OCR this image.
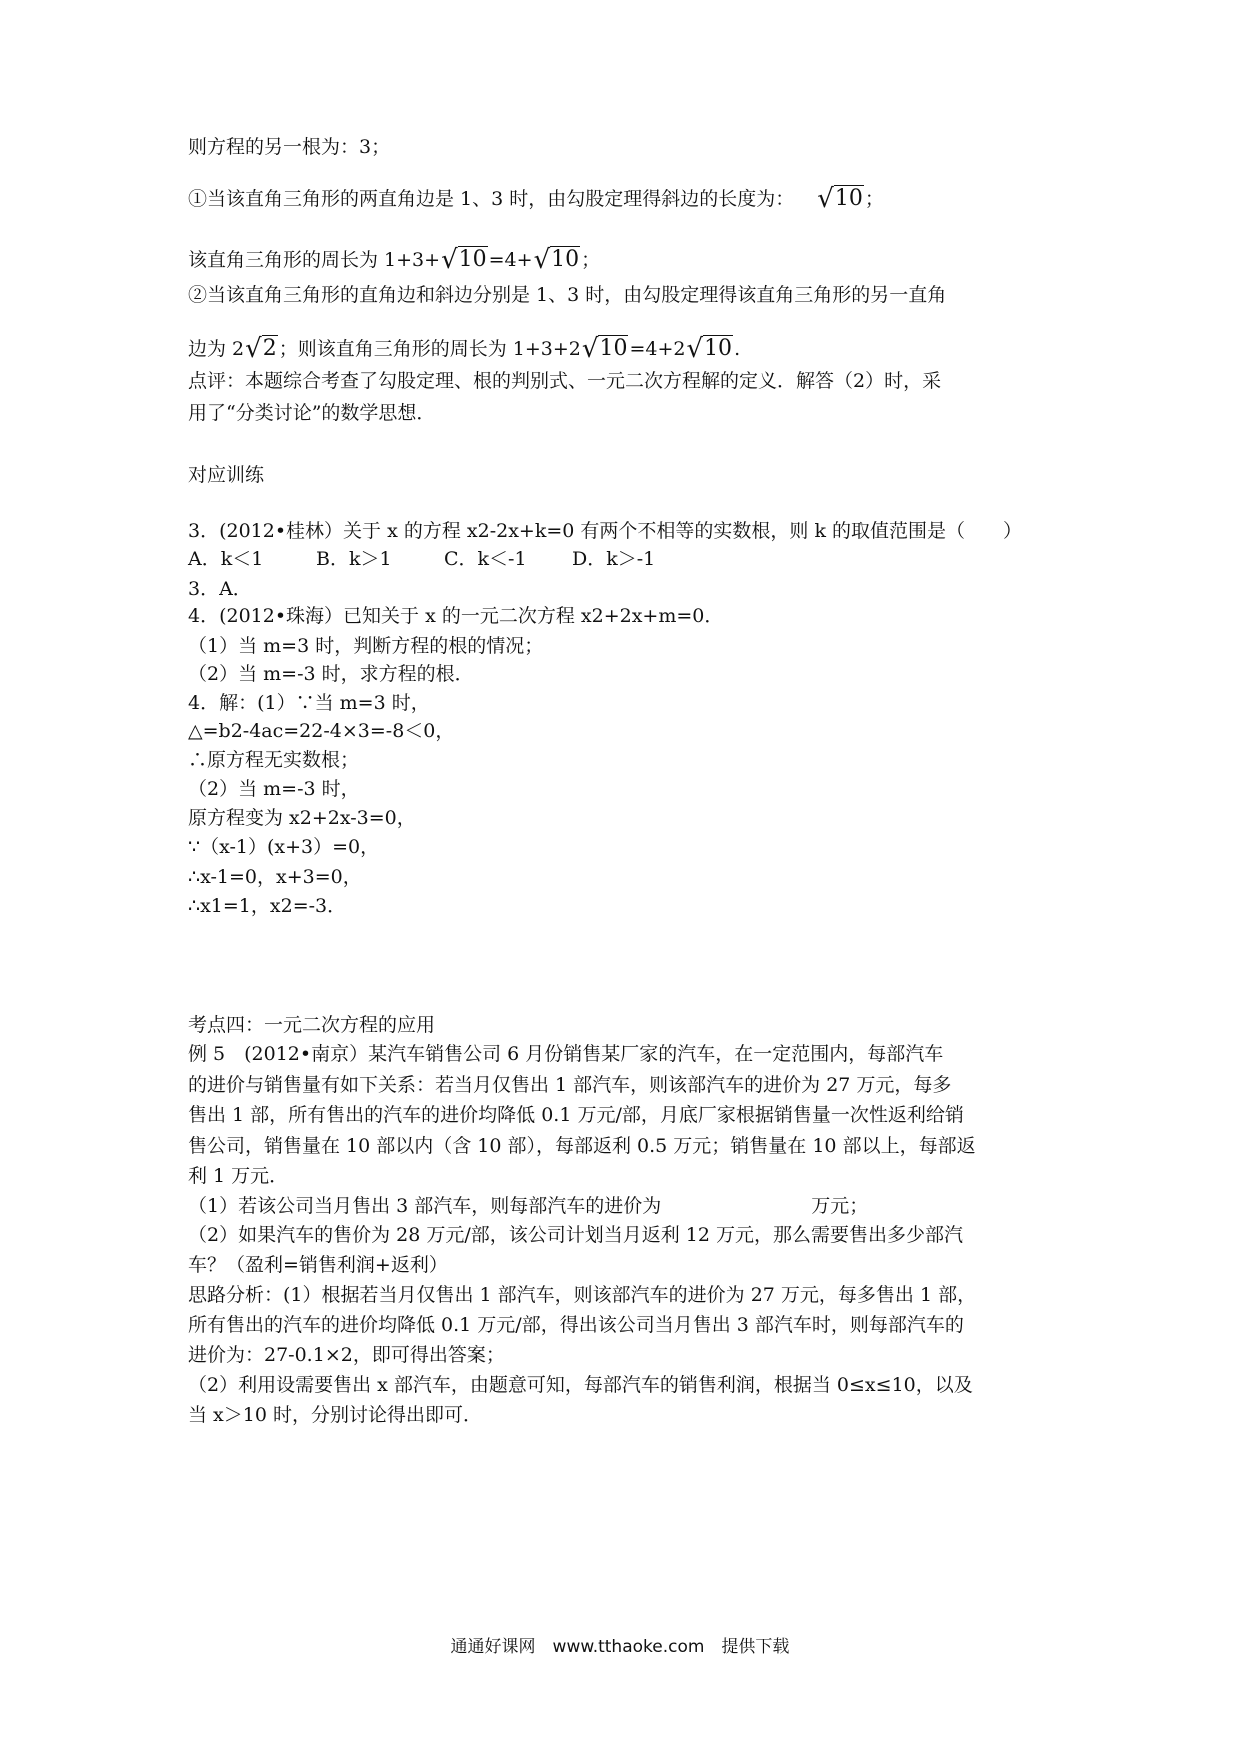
则方程的另一根为：3；
①当该直角三角形的两直角边是 1、3 时，由勾股定理得斜边的长度为： √10 ；
该直角三角形的周长为 1+3+√10 =4+√10 ；
②当该直角三角形的直角边和斜边分别是 1、3 时，由勾股定理得该直角三角形的另一直角
边为 2√2 ；则该直角三角形的周长为 1+3+2√10 =4+2√10 .
点评：本题综合考查了勾股定理、根的判别式、一元二次方程解的定义．解答（2）时，采
用了“分类讨论”的数学思想．
对应训练
3．(2012•桂林）关于 x 的方程 x2-2x+k=0 有两个不相等的实数根，则 k 的取值范围是（　　）
A．k＜1	B．k＞1	C．k＜-1 D．k＞-1
3．A．
4．(2012•珠海）已知关于 x 的一元二次方程 x2+2x+m=0．
（1）当 m=3 时，判断方程的根的情况；
（2）当 m=-3 时，求方程的根．
4．解：(1）∵当 m=3 时，
△=b2-4ac=22-4×3=-8＜0，
∴原方程无实数根；
（2）当 m=-3 时，
原方程变为 x2+2x-3=0，
∵（x-1）(x+3）=0，
∴x-1=0，x+3=0，
∴x1=1，x2=-3．
考点四：一元二次方程的应用
例 5　(2012•南京）某汽车销售公司 6 月份销售某厂家的汽车，在一定范围内，每部汽车
的进价与销售量有如下关系：若当月仅售出 1 部汽车，则该部汽车的进价为 27 万元，每多
售出 1 部，所有售出的汽车的进价均降低 0.1 万元/部，月底厂家根据销售量一次性返利给销
售公司，销售量在 10 部以内（含 10 部），每部返利 0.5 万元；销售量在 10 部以上，每部返
利 1 万元．
（1）若该公司当月售出 3 部汽车，则每部汽车的进价为	万元；
（2）如果汽车的售价为 28 万元/部，该公司计划当月返利 12 万元，那么需要售出多少部汽
车？（盈利=销售利润+返利）
思路分析：(1）根据若当月仅售出 1 部汽车，则该部汽车的进价为 27 万元，每多售出 1 部，
所有售出的汽车的进价均降低 0.1 万元/部，得出该公司当月售出 3 部汽车时，则每部汽车的
进价为：27-0.1×2，即可得出答案；
（2）利用设需要售出 x 部汽车，由题意可知，每部汽车的销售利润，根据当 0≤x≤10，以及
当 x＞10 时，分别讨论得出即可．
通通好课网　www.tthaoke.com　提供下载
